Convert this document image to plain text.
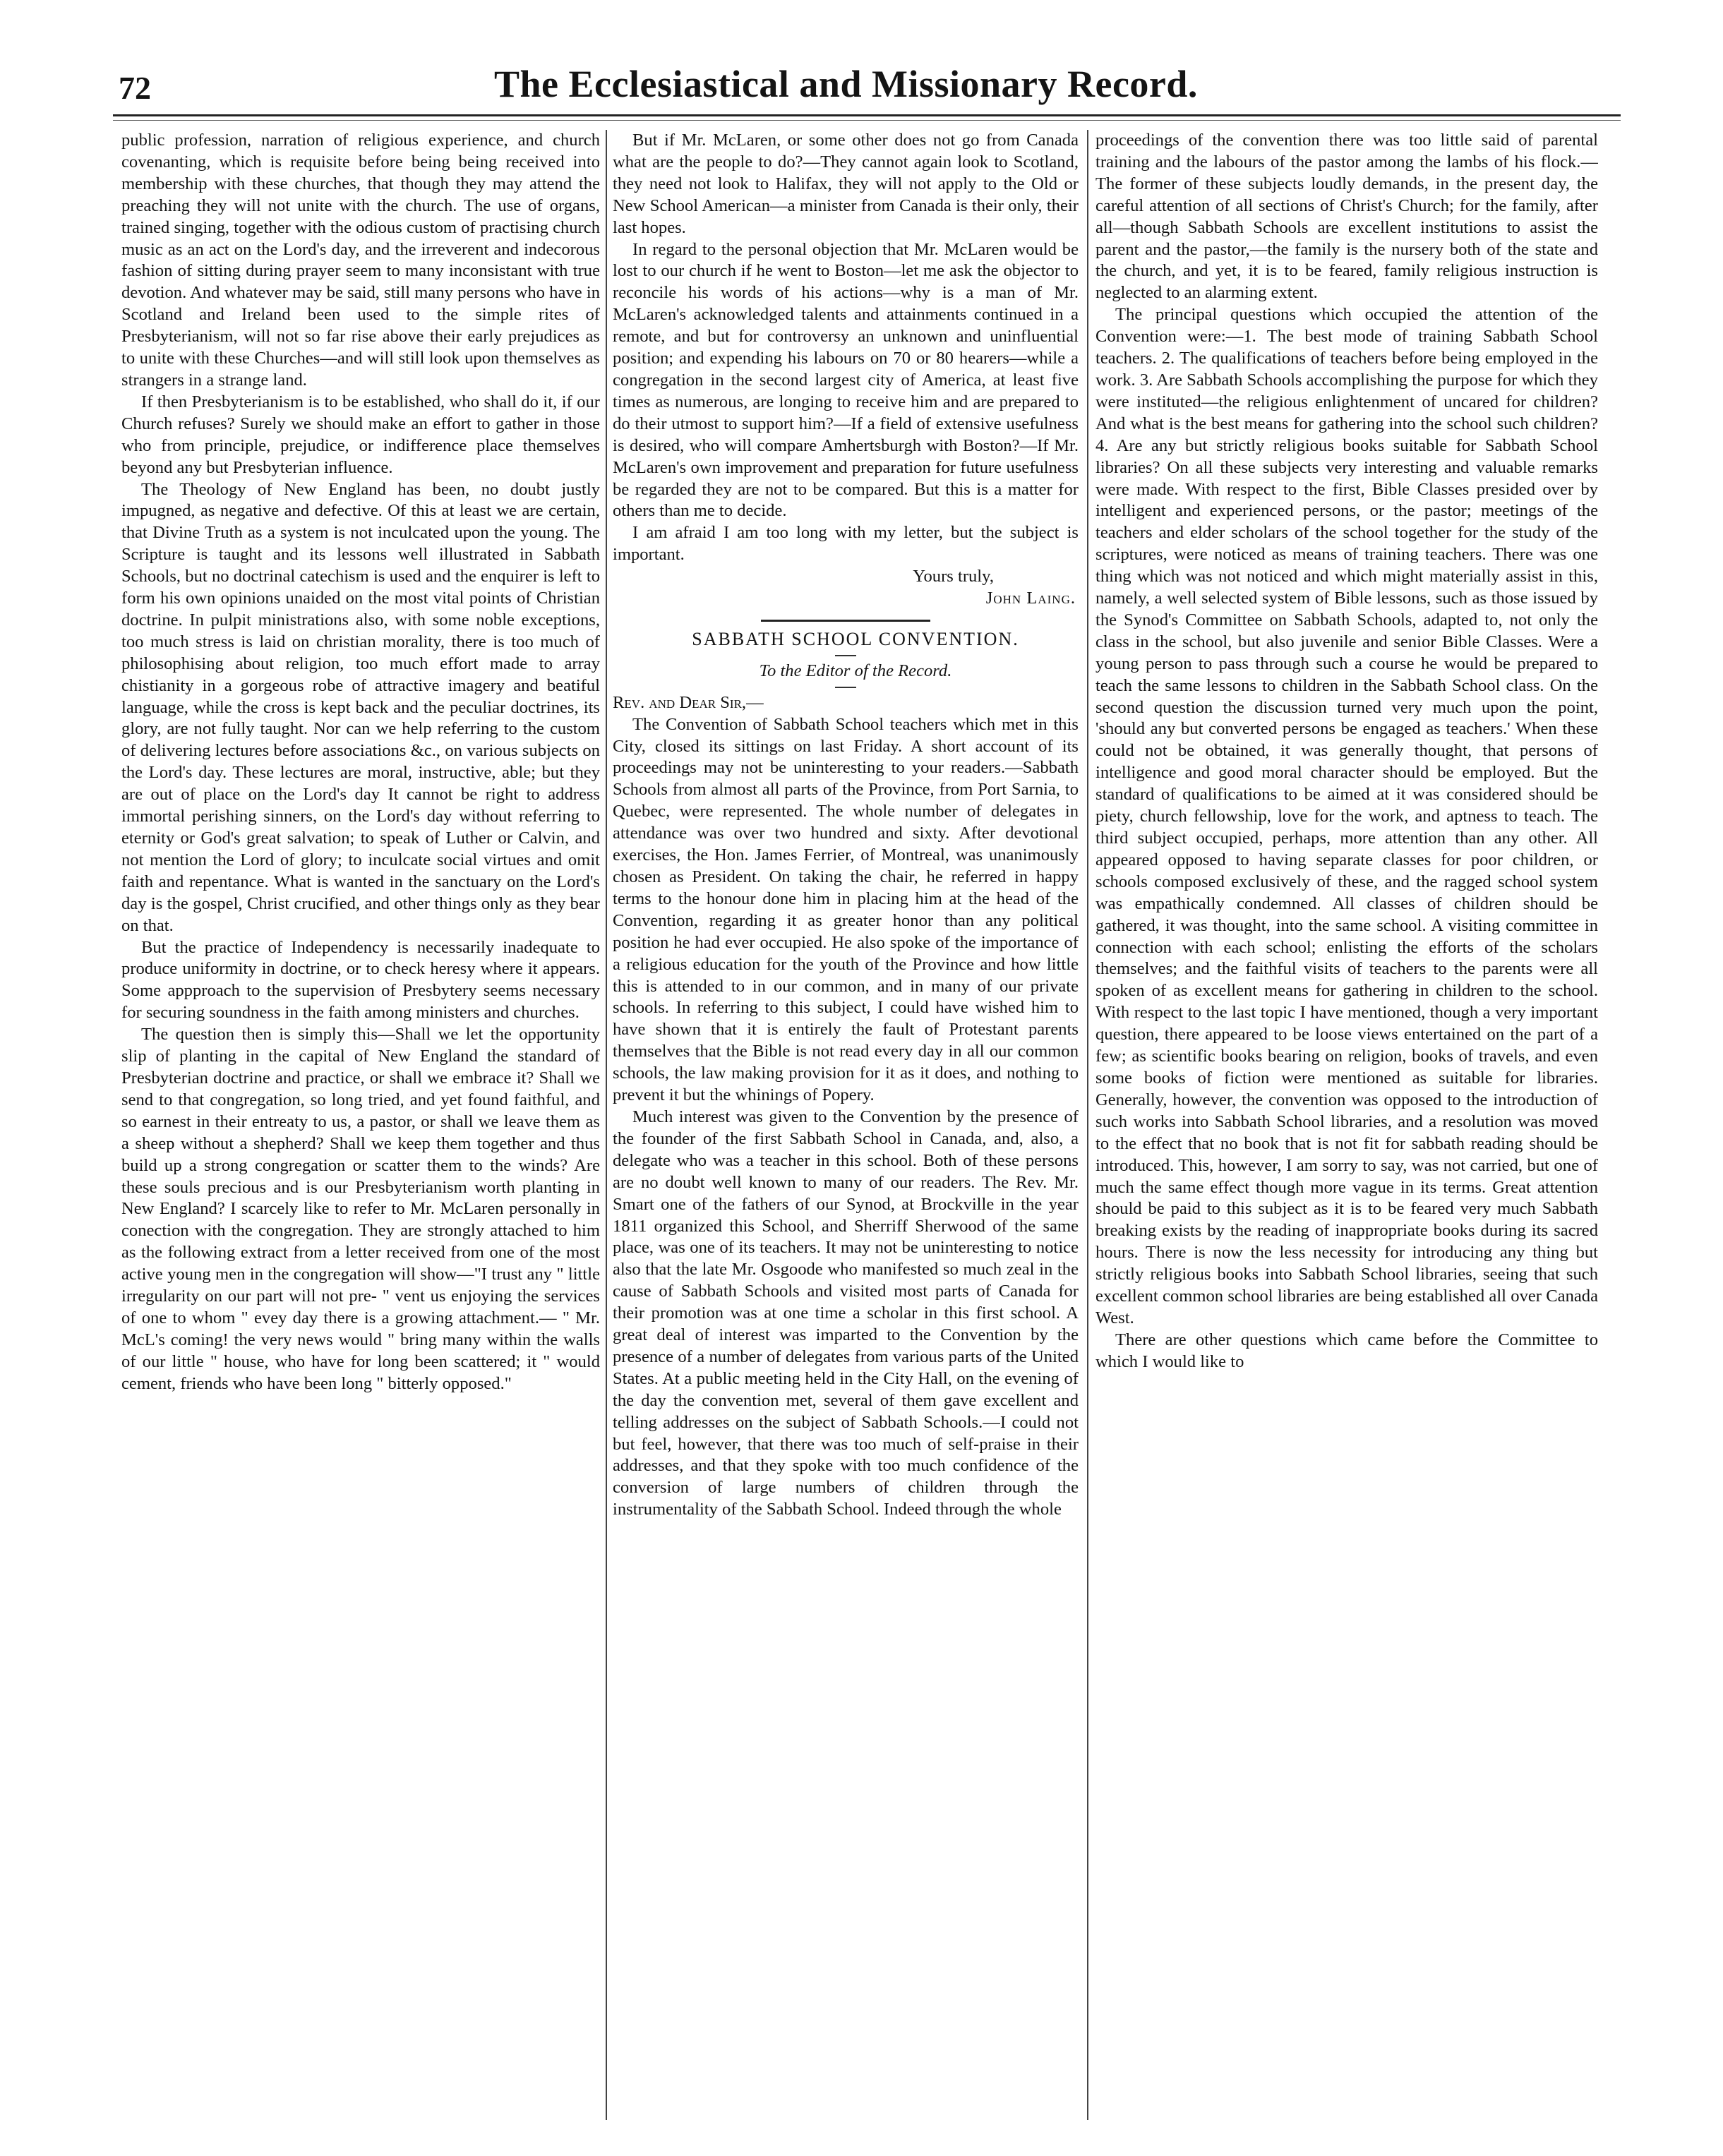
72	The Ecclesiastical and Missionary Record.

public profession, narration of religious experience, and church covenanting, which is requisite before being being received into membership with these churches, that though they may attend the preaching they will not unite with the church. The use of organs, trained singing, together with the odious custom of practising church music as an act on the Lord's day, and the irreverent and indecorous fashion of sitting during prayer seem to many inconsistant with true devotion. And whatever may be said, still many persons who have in Scotland and Ireland been used to the simple rites of Presbyterianism, will not so far rise above their early prejudices as to unite with these Churches—and will still look upon themselves as strangers in a strange land.

If then Presbyterianism is to be established, who shall do it, if our Church refuses? Surely we should make an effort to gather in those who from principle, prejudice, or indifference place themselves beyond any but Presbyterian influence.

The Theology of New England has been, no doubt justly impugned, as negative and defective. Of this at least we are certain, that Divine Truth as a system is not inculcated upon the young. The Scripture is taught and its lessons well illustrated in Sabbath Schools, but no doctrinal catechism is used and the enquirer is left to form his own opinions unaided on the most vital points of Christian doctrine. In pulpit ministrations also, with some noble exceptions, too much stress is laid on christian morality, there is too much of philosophising about religion, too much effort made to array chistianity in a gorgeous robe of attractive imagery and beatiful language, while the cross is kept back and the peculiar doctrines, its glory, are not fully taught. Nor can we help referring to the custom of delivering lectures before associations &c., on various subjects on the Lord's day. These lectures are moral, instructive, able; but they are out of place on the Lord's day It cannot be right to address immortal perishing sinners, on the Lord's day without referring to eternity or God's great salvation; to speak of Luther or Calvin, and not mention the Lord of glory; to inculcate social virtues and omit faith and repentance. What is wanted in the sanctuary on the Lord's day is the gospel, Christ crucified, and other things only as they bear on that.

But the practice of Independency is necessarily inadequate to produce uniformity in doctrine, or to check heresy where it appears. Some appproach to the supervision of Presbytery seems necessary for securing soundness in the faith among ministers and churches.

The question then is simply this—Shall we let the opportunity slip of planting in the capital of New England the standard of Presbyterian doctrine and practice, or shall we embrace it? Shall we send to that congregation, so long tried, and yet found faithful, and so earnest in their entreaty to us, a pastor, or shall we leave them as a sheep without a shepherd? Shall we keep them together and thus build up a strong congregation or scatter them to the winds? Are these souls precious and is our Presbyterianism worth planting in New England? I scarcely like to refer to Mr. McLaren personally in conection with the congregation. They are strongly attached to him as the following extract from a letter received from one of the most active young men in the congregation will show—"I trust any " little irregularity on our part will not pre- " vent us enjoying the services of one to whom " evey day there is a growing attachment.— " Mr. McL's coming! the very news would " bring many within the walls of our little " house, who have for long been scattered; it " would cement, friends who have been long " bitterly opposed."

But if Mr. McLaren, or some other does not go from Canada what are the people to do?—They cannot again look to Scotland, they need not look to Halifax, they will not apply to the Old or New School American—a minister from Canada is their only, their last hopes.

In regard to the personal objection that Mr. McLaren would be lost to our church if he went to Boston—let me ask the objector to reconcile his words of his actions—why is a man of Mr. McLaren's acknowledged talents and attainments continued in a remote, and but for controversy an unknown and uninfluential position; and expending his labours on 70 or 80 hearers—while a congregation in the second largest city of America, at least five times as numerous, are longing to receive him and are prepared to do their utmost to support him?—If a field of extensive usefulness is desired, who will compare Amhertsburgh with Boston?—If Mr. McLaren's own improvement and preparation for future usefulness be regarded they are not to be compared. But this is a matter for others than me to decide.

I am afraid I am too long with my letter, but the subject is important.

Yours truly,

John Laing.

SABBATH SCHOOL CONVENTION.

To the Editor of the Record.

Rev. and Dear Sir,—

The Convention of Sabbath School teachers which met in this City, closed its sittings on last Friday. A short account of its proceedings may not be uninteresting to your readers.—Sabbath Schools from almost all parts of the Province, from Port Sarnia, to Quebec, were represented. The whole number of delegates in attendance was over two hundred and sixty. After devotional exercises, the Hon. James Ferrier, of Montreal, was unanimously chosen as President. On taking the chair, he referred in happy terms to the honour done him in placing him at the head of the Convention, regarding it as greater honor than any political position he had ever occupied. He also spoke of the importance of a religious education for the youth of the Province and how little this is attended to in our common, and in many of our private schools. In referring to this subject, I could have wished him to have shown that it is entirely the fault of Protestant parents themselves that the Bible is not read every day in all our common schools, the law making provision for it as it does, and nothing to prevent it but the whinings of Popery.

Much interest was given to the Convention by the presence of the founder of the first Sabbath School in Canada, and, also, a delegate who was a teacher in this school. Both of these persons are no doubt well known to many of our readers. The Rev. Mr. Smart one of the fathers of our Synod, at Brockville in the year 1811 organized this School, and Sherriff Sherwood of the same place, was one of its teachers. It may not be uninteresting to notice also that the late Mr. Osgoode who manifested so much zeal in the cause of Sabbath Schools and visited most parts of Canada for their promotion was at one time a scholar in this first school. A great deal of interest was imparted to the Convention by the presence of a number of delegates from various parts of the United States. At a public meeting held in the City Hall, on the evening of the day the convention met, several of them gave excellent and telling addresses on the subject of Sabbath Schools.—I could not but feel, however, that there was too much of self-praise in their addresses, and that they spoke with too much confidence of the conversion of large numbers of children through the instrumentality of the Sabbath School. Indeed through the whole

proceedings of the convention there was too little said of parental training and the labours of the pastor among the lambs of his flock.— The former of these subjects loudly demands, in the present day, the careful attention of all sections of Christ's Church; for the family, after all—though Sabbath Schools are excellent institutions to assist the parent and the pastor,—the family is the nursery both of the state and the church, and yet, it is to be feared, family religious instruction is neglected to an alarming extent.

The principal questions which occupied the attention of the Convention were:—1. The best mode of training Sabbath School teachers. 2. The qualifications of teachers before being employed in the work. 3. Are Sabbath Schools accomplishing the purpose for which they were instituted—the religious enlightenment of uncared for children? And what is the best means for gathering into the school such children? 4. Are any but strictly religious books suitable for Sabbath School libraries? On all these subjects very interesting and valuable remarks were made. With respect to the first, Bible Classes presided over by intelligent and experienced persons, or the pastor; meetings of the teachers and elder scholars of the school together for the study of the scriptures, were noticed as means of training teachers. There was one thing which was not noticed and which might materially assist in this, namely, a well selected system of Bible lessons, such as those issued by the Synod's Committee on Sabbath Schools, adapted to, not only the class in the school, but also juvenile and senior Bible Classes. Were a young person to pass through such a course he would be prepared to teach the same lessons to children in the Sabbath School class. On the second question the discussion turned very much upon the point, 'should any but converted persons be engaged as teachers.' When these could not be obtained, it was generally thought, that persons of intelligence and good moral character should be employed. But the standard of qualifications to be aimed at it was considered should be piety, church fellowship, love for the work, and aptness to teach. The third subject occupied, perhaps, more attention than any other. All appeared opposed to having separate classes for poor children, or schools composed exclusively of these, and the ragged school system was empathically condemned. All classes of children should be gathered, it was thought, into the same school. A visiting committee in connection with each school; enlisting the efforts of the scholars themselves; and the faithful visits of teachers to the parents were all spoken of as excellent means for gathering in children to the school. With respect to the last topic I have mentioned, though a very important question, there appeared to be loose views entertained on the part of a few; as scientific books bearing on religion, books of travels, and even some books of fiction were mentioned as suitable for libraries. Generally, however, the convention was opposed to the introduction of such works into Sabbath School libraries, and a resolution was moved to the effect that no book that is not fit for sabbath reading should be introduced. This, however, I am sorry to say, was not carried, but one of much the same effect though more vague in its terms. Great attention should be paid to this subject as it is to be feared very much Sabbath breaking exists by the reading of inappropriate books during its sacred hours. There is now the less necessity for introducing any thing but strictly religious books into Sabbath School libraries, seeing that such excellent common school libraries are being established all over Canada West.

There are other questions which came before the Committee to which I would like to
